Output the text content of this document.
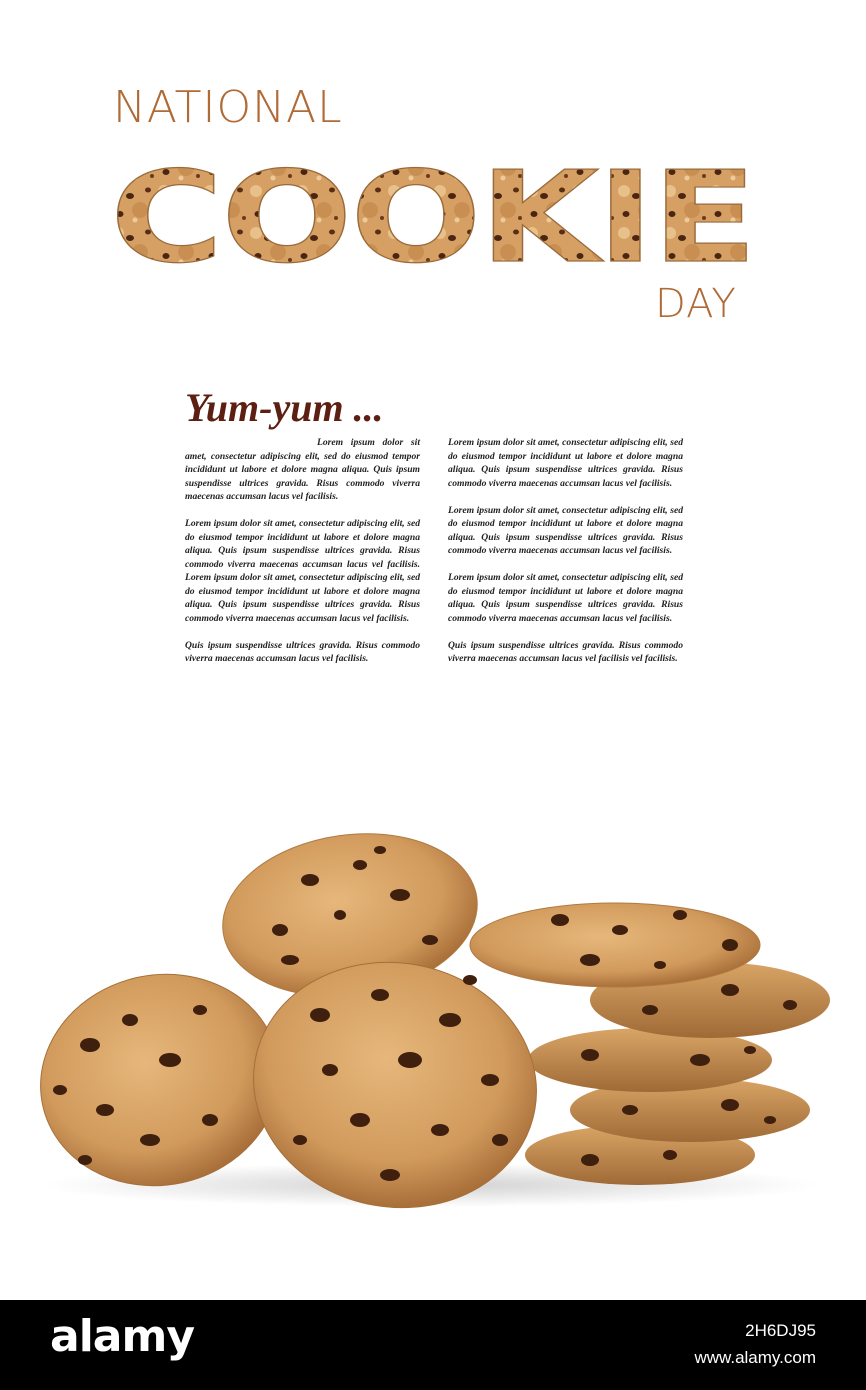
NATIONAL
COOKIE
DAY
Yum-yum ...

Lorem ipsum dolor sit amet, consectetur adipiscing elit, sed do eiusmod tempor incididunt ut labore et dolore magna aliqua. Quis ipsum suspendisse ultrices gravida. Risus commodo viverra maecenas accumsan lacus vel facilisis.

Lorem ipsum dolor sit amet, consectetur adipiscing elit, sed do eiusmod tempor incididunt ut labore et dolore magna aliqua. Quis ipsum suspendisse ultrices gravida. Risus commodo viverra maecenas accumsan lacus vel facilisis. Lorem ipsum dolor sit amet, consectetur adipiscing elit, sed do eiusmod tempor incididunt ut labore et dolore magna aliqua. Quis ipsum suspendisse ultrices gravida. Risus commodo viverra maecenas accumsan lacus vel facilisis.

Quis ipsum suspendisse ultrices gravida. Risus commodo viverra maecenas accumsan lacus vel facilisis.

Lorem ipsum dolor sit amet, consectetur adipiscing elit, sed do eiusmod tempor incididunt ut labore et dolore magna aliqua. Quis ipsum suspendisse ultrices gravida. Risus commodo viverra maecenas accumsan lacus vel facilisis.

Lorem ipsum dolor sit amet, consectetur adipiscing elit, sed do eiusmod tempor incididunt ut labore et dolore magna aliqua. Quis ipsum suspendisse ultrices gravida. Risus commodo viverra maecenas accumsan lacus vel facilisis.

Lorem ipsum dolor sit amet, consectetur adipiscing elit, sed do eiusmod tempor incididunt ut labore et dolore magna aliqua. Quis ipsum suspendisse ultrices gravida. Risus commodo viverra maecenas accumsan lacus vel facilisis.

Quis ipsum suspendisse ultrices gravida. Risus commodo viverra maecenas accumsan lacus vel facilisis vel facilisis.

alamy	2H6DJ95
www.alamy.com
